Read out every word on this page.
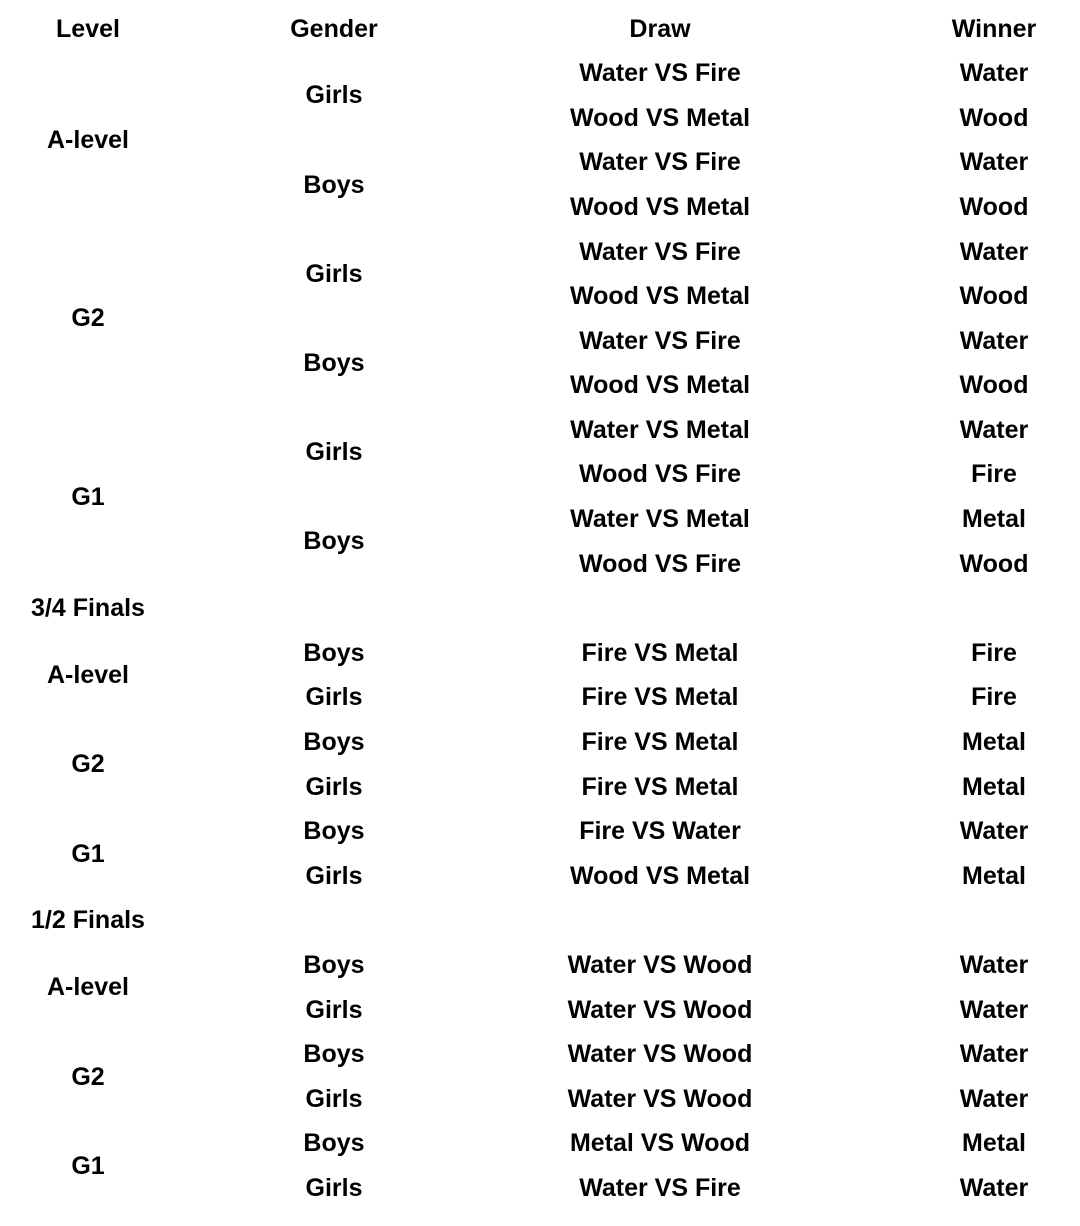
Level	Gender	Draw	Winner
A-level	Girls	Water VS Fire	Water
		Wood VS Metal	Wood
	Boys	Water VS Fire	Water
		Wood VS Metal	Wood
G2	Girls	Water VS Fire	Water
		Wood VS Metal	Wood
	Boys	Water VS Fire	Water
		Wood VS Metal	Wood
G1	Girls	Water VS Metal	Water
		Wood VS Fire	Fire
	Boys	Water VS Metal	Metal
		Wood VS Fire	Wood
3/4 Finals			
A-level	Boys	Fire VS Metal	Fire
	Girls	Fire VS Metal	Fire
G2	Boys	Fire VS Metal	Metal
	Girls	Fire VS Metal	Metal
G1	Boys	Fire VS Water	Water
	Girls	Wood VS Metal	Metal
1/2 Finals			
A-level	Boys	Water VS Wood	Water
	Girls	Water VS Wood	Water
G2	Boys	Water VS Wood	Water
	Girls	Water VS Wood	Water
G1	Boys	Metal VS Wood	Metal
	Girls	Water VS Fire	Water
